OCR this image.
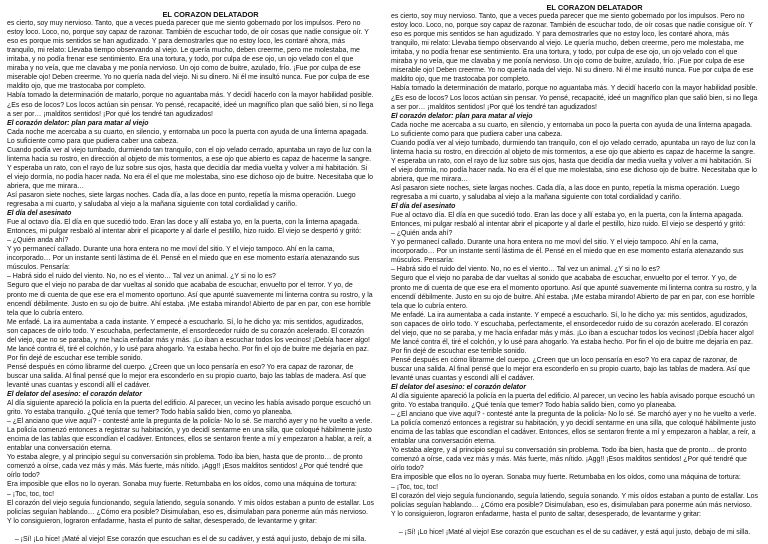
EL CORAZON DELATADOR

es cierto, soy muy nervioso. Tanto, que a veces pueda parecer que me siento gobernado por los impulsos. Pero no estoy loco. Loco, no, porque soy capaz de razonar. También de escuchar todo, de oír cosas que nadie consigue oír. Y eso es porque mis sentidos se han agudizado. Y para demostrarles que no estoy loco, les contaré ahora, más tranquilo, mi relato: Llevaba tiempo observando al viejo. Le quería mucho, deben creerme, pero me molestaba, me irritaba, y no podía frenar ese sentimiento. Era una tortura, y todo, por culpa de ese ojo, un ojo velado con el que miraba y no veía, que me clavaba y me ponía nervioso. Un ojo como de buitre, azulado, frío. ¡Fue por culpa de ese miserable ojo! Deben creerme. Yo no quería nada del viejo. Ni su dinero. Ni él me insultó nunca. Fue por culpa de ese maldito ojo, que me trastocaba por completo.

Había tomado la determinación de matarlo, porque no aguantaba más. Y decidí hacerlo con la mayor habilidad posible. ¿Es eso de locos? Los locos actúan sin pensar. Yo pensé, recapacité, ideé un magnífico plan que salió bien, si no llega a ser por… ¡malditos sentidos! ¡Por qué los tendré tan agudizados!

El corazón delator: plan para matar al viejo

Cada noche me acercaba a su cuarto, en silencio, y entornaba un poco la puerta con ayuda de una linterna apagada. Lo suficiente como para que pudiera caber una cabeza.

Cuando podía ver al viejo tumbado, durmiendo tan tranquilo, con el ojo velado cerrado, apuntaba un rayo de luz con la linterna hacia su rostro, en dirección al objeto de mis tormentos, a ese ojo que abierto es capaz de hacerme la sangre. Y esperaba un rato, con el rayo de luz sobre sus ojos, hasta que decidía dar media vuelta y volver a mi habitación. Si el viejo dormía, no podía hacer nada. No era él el que me molestaba, sino ese dichoso ojo de buitre. Necesitaba que lo abriera, que me mirara…

Así pasaron siete noches, siete largas noches. Cada día, a las doce en punto, repetía la misma operación. Luego regresaba a mi cuarto, y saludaba al viejo a la mañana siguiente con total cordialidad y cariño.

El día del asesinato

Fue al octavo día. El día en que sucedió todo. Eran las doce y allí estaba yo, en la puerta, con la linterna apagada. Entonces, mi pulgar resbaló al intentar abrir el picaporte y al darle el pestillo, hizo ruido. El viejo se despertó y gritó:

– ¿Quién anda ahí?

Y yo permanecí callado. Durante una hora entera no me moví del sitio. Y el viejo tampoco. Ahí en la cama, incorporado… Por un instante sentí lástima de él. Pensé en el miedo que en ese momento estaría atenazando sus músculos. Pensaría:

– Habrá sido el ruido del viento. No, no es el viento… Tal vez un animal. ¿Y si no lo es?

Seguro que el viejo no paraba de dar vueltas al sonido que acababa de escuchar, envuelto por el terror. Y yo, de pronto me di cuenta de que ese era el momento oportuno. Así que apunté suavemente mi linterna contra su rostro, y la encendí débilmente. Justo en su ojo de buitre. Ahí estaba. ¡Me estaba mirando! Abierto de par en par, con ese horrible tela que lo cubría entero.

Me enfadé. La ira aumentaba a cada instante. Y empecé a escucharlo. Sí, lo he dicho ya: mis sentidos, agudizados, son capaces de oírlo todo. Y escuchaba, perfectamente, el ensordecedor ruido de su corazón acelerado. El corazón del viejo, que no se paraba, y me hacía enfadar más y más. ¡Lo iban a escuchar todos los vecinos! ¡Debía hacer algo!

Me lancé contra él, tiré el colchón, y lo usé para ahogarlo. Ya estaba hecho. Por fin el ojo de buitre me dejaría en paz. Por fin dejé de escuchar ese terrible sonido.

Pensé después en cómo librarme del cuerpo. ¿Creen que un loco pensaría en eso? Yo era capaz de razonar, de buscar una salida. Al final pensé que lo mejor era esconderlo en su propio cuarto, bajo las tablas de madera. Así que levanté unas cuantas y escondí allí el cadáver.

El delator del asesino: el corazón delator

Al día siguiente apareció la policía en la puerta del edificio. Al parecer, un vecino les había avisado porque escuchó un grito. Yo estaba tranquilo. ¿Qué tenía que temer? Todo había salido bien, como yo planeaba.

– ¿El anciano que vive aquí? - contesté ante la pregunta de la policía- No lo sé. Se marchó ayer y no he vuelto a verle.

La policía comenzó entonces a registrar su habitación, y yo decidí sentarme en una silla, que coloqué hábilmente justo encima de las tablas que escondían el cadáver. Entonces, ellos se sentaron frente a mí y empezaron a hablar, a reír, a entablar una conversación eterna.

Yo estaba alegre, y al principio seguí su conversación sin problema. Todo iba bien, hasta que de pronto… de pronto comenzó a oírse, cada vez más y más. Más fuerte, más nítido. ¡Agg!! ¡Esos malditos sentidos! ¿Por qué tendré que oírlo todo?

Era imposible que ellos no lo oyeran. Sonaba muy fuerte. Retumbaba en los oídos, como una máquina de tortura:

– ¡Toc, toc, toc!

El corazón del viejo seguía funcionando, seguía latiendo, seguía sonando. Y mis oídos estaban a punto de estallar. Los policías seguían hablando… ¿Cómo era posible? Disimulaban, eso es, disimulaban para ponerme aún más nervioso. Y lo consiguieron, lograron enfadarme, hasta el punto de saltar, desesperado, de levantarme y gritar:

– ¡Sí! ¡Lo hice! ¡Maté al viejo! Ese corazón que escuchan es el de su cadáver, y está aquí justo, debajo de mi silla.

EL CORAZON DELATADOR

es cierto, soy muy nervioso. Tanto, que a veces pueda parecer que me siento gobernado por los impulsos. Pero no estoy loco. Loco, no, porque soy capaz de razonar. También de escuchar todo, de oír cosas que nadie consigue oír. Y eso es porque mis sentidos se han agudizado. Y para demostrarles que no estoy loco, les contaré ahora, más tranquilo, mi relato: Llevaba tiempo observando al viejo. Le quería mucho, deben creerme, pero me molestaba, me irritaba, y no podía frenar ese sentimiento. Era una tortura, y todo, por culpa de ese ojo, un ojo velado con el que miraba y no veía, que me clavaba y me ponía nervioso. Un ojo como de buitre, azulado, frío. ¡Fue por culpa de ese miserable ojo! Deben creerme. Yo no quería nada del viejo. Ni su dinero. Ni él me insultó nunca. Fue por culpa de ese maldito ojo, que me trastocaba por completo.

Había tomado la determinación de matarlo, porque no aguantaba más. Y decidí hacerlo con la mayor habilidad posible. ¿Es eso de locos? Los locos actúan sin pensar. Yo pensé, recapacité, ideé un magnífico plan que salió bien, si no llega a ser por… ¡malditos sentidos! ¡Por qué los tendré tan agudizados!

El corazón delator: plan para matar al viejo

Cada noche me acercaba a su cuarto, en silencio, y entornaba un poco la puerta con ayuda de una linterna apagada. Lo suficiente como para que pudiera caber una cabeza.

Cuando podía ver al viejo tumbado, durmiendo tan tranquilo, con el ojo velado cerrado, apuntaba un rayo de luz con la linterna hacia su rostro, en dirección al objeto de mis tormentos, a ese ojo que abierto es capaz de hacerme la sangre. Y esperaba un rato, con el rayo de luz sobre sus ojos, hasta que decidía dar media vuelta y volver a mi habitación. Si el viejo dormía, no podía hacer nada. No era él el que me molestaba, sino ese dichoso ojo de buitre. Necesitaba que lo abriera, que me mirara…

Así pasaron siete noches, siete largas noches. Cada día, a las doce en punto, repetía la misma operación. Luego regresaba a mi cuarto, y saludaba al viejo a la mañana siguiente con total cordialidad y cariño.

El día del asesinato

Fue al octavo día. El día en que sucedió todo. Eran las doce y allí estaba yo, en la puerta, con la linterna apagada. Entonces, mi pulgar resbaló al intentar abrir el picaporte y al darle el pestillo, hizo ruido. El viejo se despertó y gritó:

– ¿Quién anda ahí?

Y yo permanecí callado. Durante una hora entera no me moví del sitio. Y el viejo tampoco. Ahí en la cama, incorporado… Por un instante sentí lástima de él. Pensé en el miedo que en ese momento estaría atenazando sus músculos. Pensaría:

– Habrá sido el ruido del viento. No, no es el viento… Tal vez un animal. ¿Y si no lo es?

Seguro que el viejo no paraba de dar vueltas al sonido que acababa de escuchar, envuelto por el terror. Y yo, de pronto me di cuenta de que ese era el momento oportuno. Así que apunté suavemente mi linterna contra su rostro, y la encendí débilmente. Justo en su ojo de buitre. Ahí estaba. ¡Me estaba mirando! Abierto de par en par, con ese horrible tela que lo cubría entero.

Me enfadé. La ira aumentaba a cada instante. Y empecé a escucharlo. Sí, lo he dicho ya: mis sentidos, agudizados, son capaces de oírlo todo. Y escuchaba, perfectamente, el ensordecedor ruido de su corazón acelerado. El corazón del viejo, que no se paraba, y me hacía enfadar más y más. ¡Lo iban a escuchar todos los vecinos! ¡Debía hacer algo!

Me lancé contra él, tiré el colchón, y lo usé para ahogarlo. Ya estaba hecho. Por fin el ojo de buitre me dejaría en paz. Por fin dejé de escuchar ese terrible sonido.

Pensé después en cómo librarme del cuerpo. ¿Creen que un loco pensaría en eso? Yo era capaz de razonar, de buscar una salida. Al final pensé que lo mejor era esconderlo en su propio cuarto, bajo las tablas de madera. Así que levanté unas cuantas y escondí allí el cadáver.

El delator del asesino: el corazón delator

Al día siguiente apareció la policía en la puerta del edificio. Al parecer, un vecino les había avisado porque escuchó un grito. Yo estaba tranquilo. ¿Qué tenía que temer? Todo había salido bien, como yo planeaba.

– ¿El anciano que vive aquí? - contesté ante la pregunta de la policía- No lo sé. Se marchó ayer y no he vuelto a verle.

La policía comenzó entonces a registrar su habitación, y yo decidí sentarme en una silla, que coloqué hábilmente justo encima de las tablas que escondían el cadáver. Entonces, ellos se sentaron frente a mí y empezaron a hablar, a reír, a entablar una conversación eterna.

Yo estaba alegre, y al principio seguí su conversación sin problema. Todo iba bien, hasta que de pronto… de pronto comenzó a oírse, cada vez más y más. Más fuerte, más nítido. ¡Agg!! ¡Esos malditos sentidos! ¿Por qué tendré que oírlo todo?

Era imposible que ellos no lo oyeran. Sonaba muy fuerte. Retumbaba en los oídos, como una máquina de tortura:

– ¡Toc, toc, toc!

El corazón del viejo seguía funcionando, seguía latiendo, seguía sonando. Y mis oídos estaban a punto de estallar. Los policías seguían hablando… ¿Cómo era posible? Disimulaban, eso es, disimulaban para ponerme aún más nervioso. Y lo consiguieron, lograron enfadarme, hasta el punto de saltar, desesperado, de levantarme y gritar:

– ¡Sí! ¡Lo hice! ¡Maté al viejo! Ese corazón que escuchan es el de su cadáver, y está aquí justo, debajo de mi silla.
